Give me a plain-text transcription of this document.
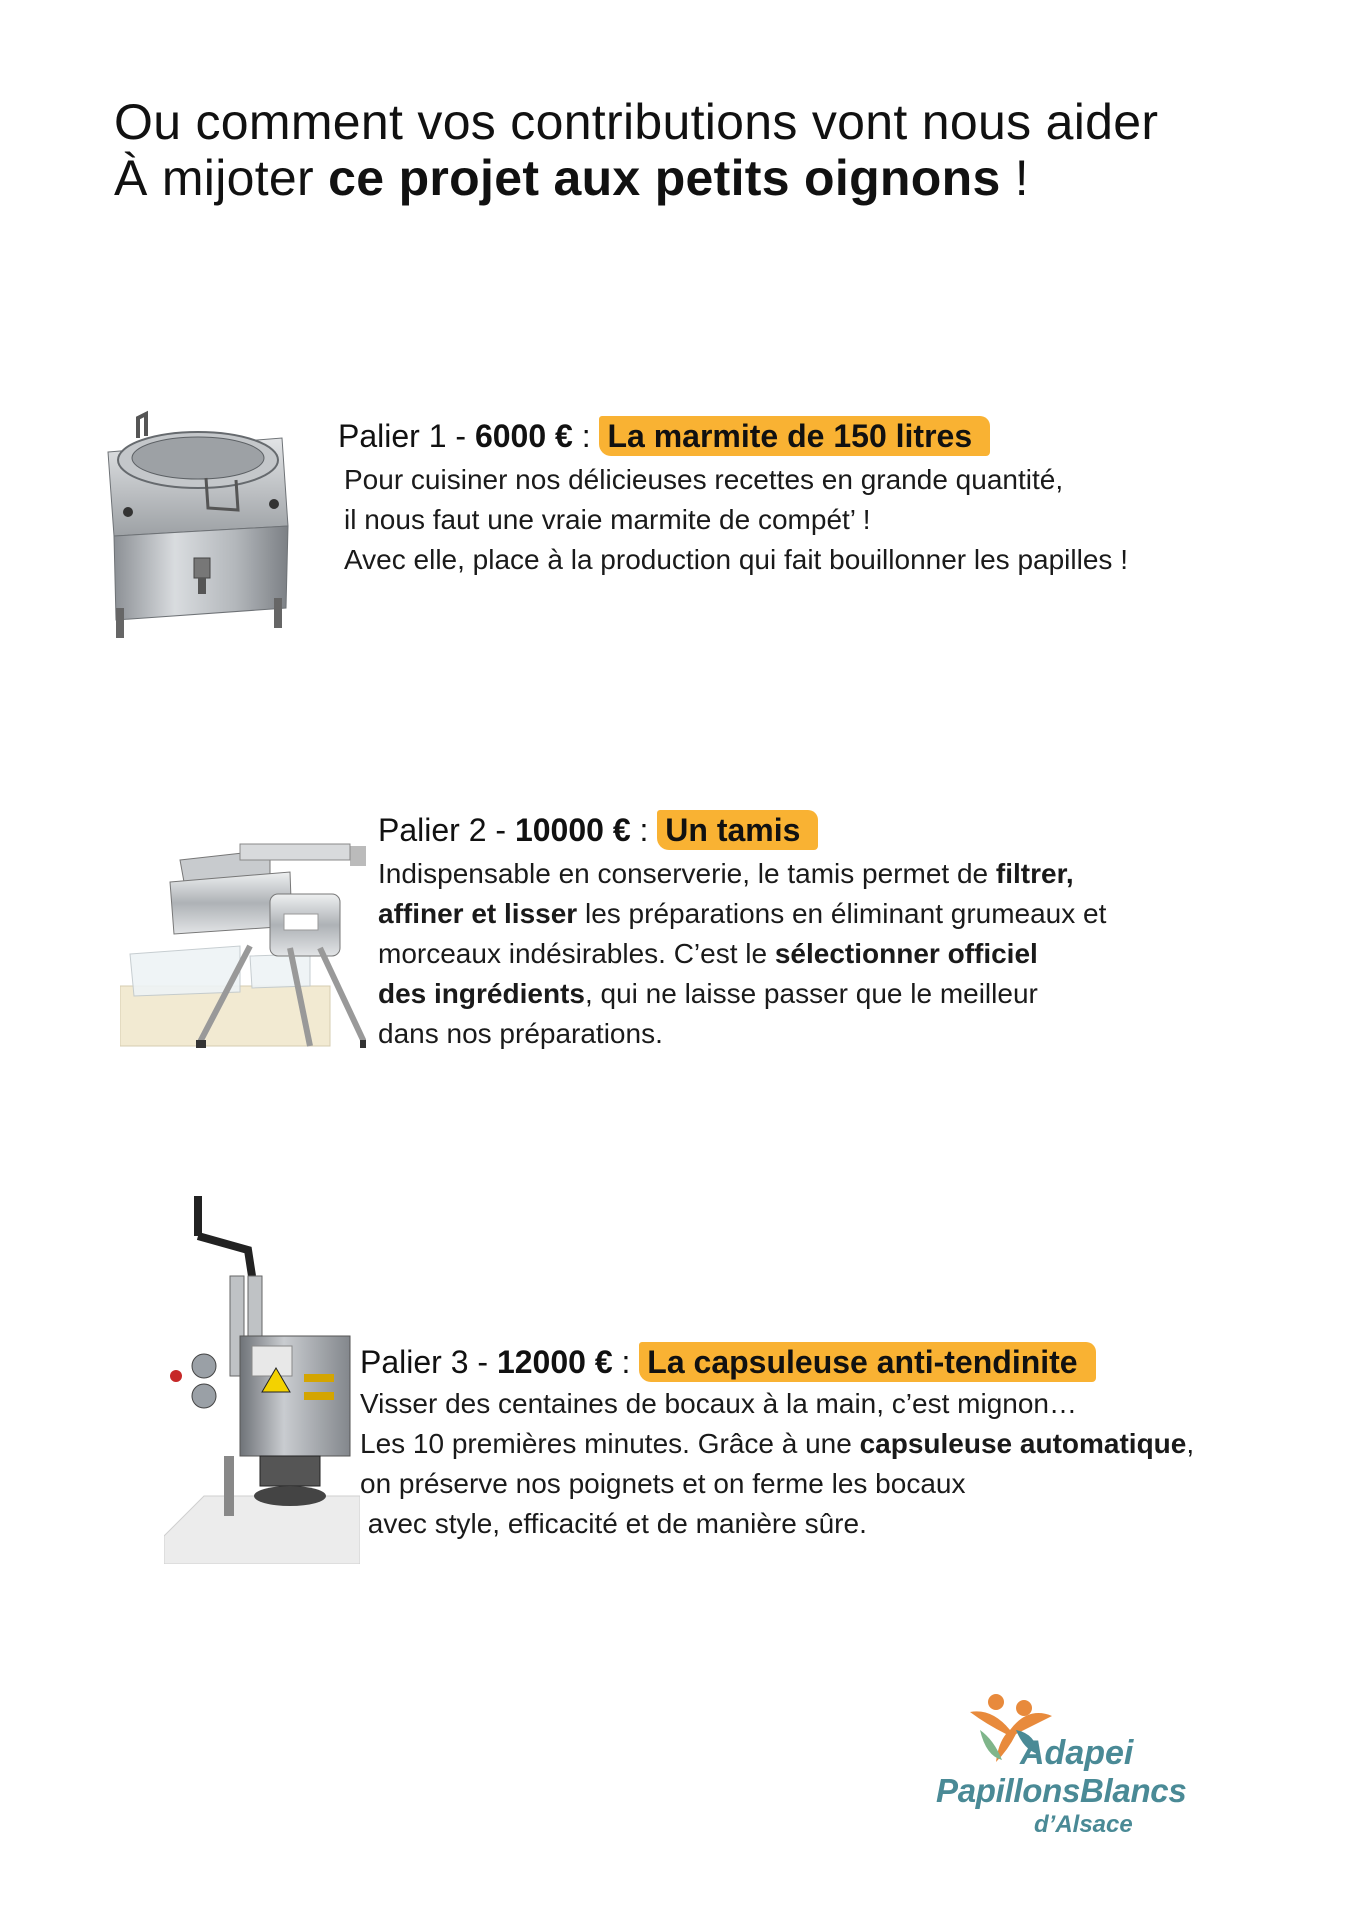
Ou comment vos contributions vont nous aider
À mijoter ce projet aux petits oignons !
Palier 1 - 6000 € : La marmite de 150 litres
Pour cuisiner nos délicieuses recettes en grande quantité,
il nous faut une vraie marmite de compét’ !
Avec elle, place à la production qui fait bouillonner les papilles !
Palier 2 - 10000 € : Un tamis
Indispensable en conserverie, le tamis permet de filtrer,
affiner et lisser les préparations en éliminant grumeaux et
morceaux indésirables. C’est le sélectionner officiel
des ingrédients, qui ne laisse passer que le meilleur
dans nos préparations.
Palier 3 - 12000 € : La capsuleuse anti-tendinite
Visser des centaines de bocaux à la main, c’est mignon…
Les 10 premières minutes. Grâce à une capsuleuse automatique,
on préserve nos poignets et on ferme les bocaux
avec style, efficacité et de manière sûre.
Adapei
PapillonsBlancs
d’Alsace
